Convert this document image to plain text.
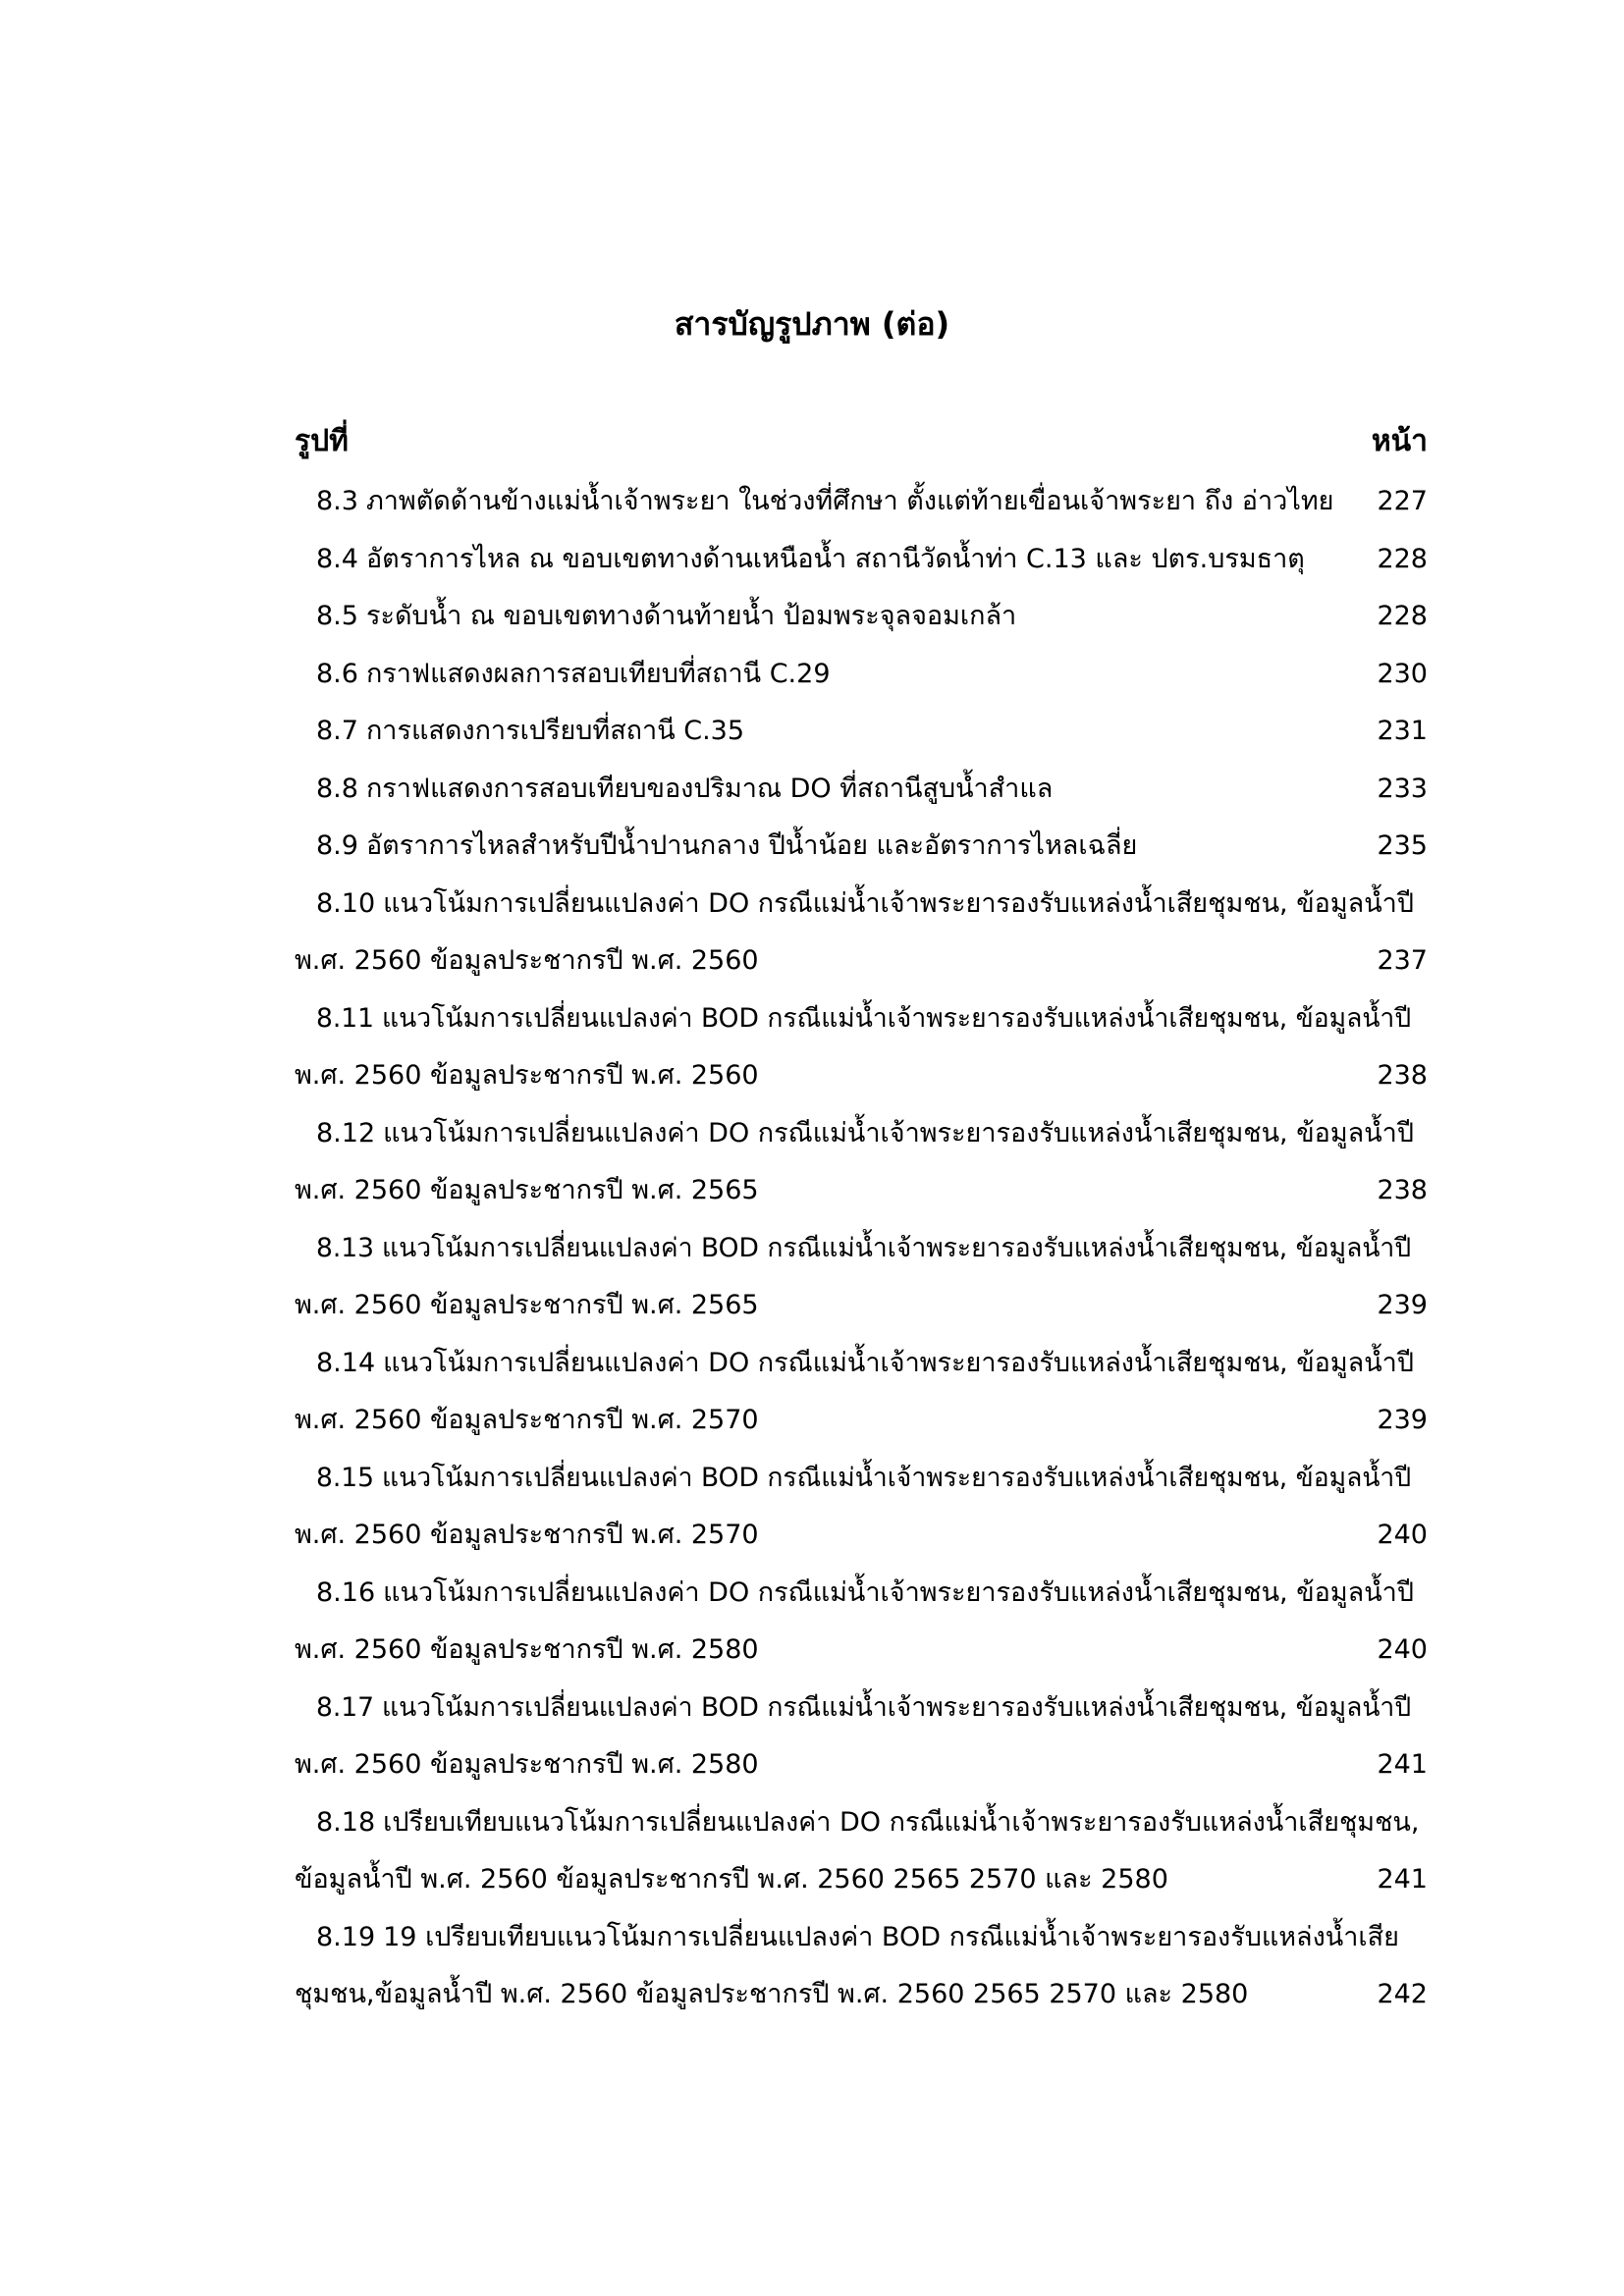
สารบัญรูปภาพ (ต่อ)
รูปที่	หน้า
8.3 ภาพตัดด้านข้างแม่น้ำเจ้าพระยา ในช่วงที่ศึกษา ตั้งแต่ท้ายเขื่อนเจ้าพระยา ถึง อ่าวไทย 227
8.4 อัตราการไหล ณ ขอบเขตทางด้านเหนือน้ำ สถานีวัดน้ำท่า C.13 และ ปตร.บรมธาตุ	228
8.5 ระดับน้ำ ณ ขอบเขตทางด้านท้ายน้ำ ป้อมพระจุลจอมเกล้า	228
8.6 กราฟแสดงผลการสอบเทียบที่สถานี C.29	230
8.7 การแสดงการเปรียบที่สถานี C.35	231
8.8 กราฟแสดงการสอบเทียบของปริมาณ DO ที่สถานีสูบน้ำสำแล	233
8.9 อัตราการไหลสำหรับปีน้ำปานกลาง ปีน้ำน้อย และอัตราการไหลเฉลี่ย	235
8.10 แนวโน้มการเปลี่ยนแปลงค่า DO กรณีแม่น้ำเจ้าพระยารองรับแหล่งน้ำเสียชุมชน, ข้อมูลน้ำปี
พ.ศ. 2560 ข้อมูลประชากรปี พ.ศ. 2560	237
8.11 แนวโน้มการเปลี่ยนแปลงค่า BOD กรณีแม่น้ำเจ้าพระยารองรับแหล่งน้ำเสียชุมชน, ข้อมูลน้ำปี
พ.ศ. 2560 ข้อมูลประชากรปี พ.ศ. 2560	238
8.12 แนวโน้มการเปลี่ยนแปลงค่า DO กรณีแม่น้ำเจ้าพระยารองรับแหล่งน้ำเสียชุมชน, ข้อมูลน้ำปี
พ.ศ. 2560 ข้อมูลประชากรปี พ.ศ. 2565	238
8.13 แนวโน้มการเปลี่ยนแปลงค่า BOD กรณีแม่น้ำเจ้าพระยารองรับแหล่งน้ำเสียชุมชน, ข้อมูลน้ำปี
พ.ศ. 2560 ข้อมูลประชากรปี พ.ศ. 2565	239
8.14 แนวโน้มการเปลี่ยนแปลงค่า DO กรณีแม่น้ำเจ้าพระยารองรับแหล่งน้ำเสียชุมชน, ข้อมูลน้ำปี
พ.ศ. 2560 ข้อมูลประชากรปี พ.ศ. 2570	239
8.15 แนวโน้มการเปลี่ยนแปลงค่า BOD กรณีแม่น้ำเจ้าพระยารองรับแหล่งน้ำเสียชุมชน, ข้อมูลน้ำปี
พ.ศ. 2560 ข้อมูลประชากรปี พ.ศ. 2570	240
8.16 แนวโน้มการเปลี่ยนแปลงค่า DO กรณีแม่น้ำเจ้าพระยารองรับแหล่งน้ำเสียชุมชน, ข้อมูลน้ำปี
พ.ศ. 2560 ข้อมูลประชากรปี พ.ศ. 2580	240
8.17 แนวโน้มการเปลี่ยนแปลงค่า BOD กรณีแม่น้ำเจ้าพระยารองรับแหล่งน้ำเสียชุมชน, ข้อมูลน้ำปี
พ.ศ. 2560 ข้อมูลประชากรปี พ.ศ. 2580	241
8.18 เปรียบเทียบแนวโน้มการเปลี่ยนแปลงค่า DO กรณีแม่น้ำเจ้าพระยารองรับแหล่งน้ำเสียชุมชน,
ข้อมูลน้ำปี พ.ศ. 2560 ข้อมูลประชากรปี พ.ศ. 2560 2565 2570 และ 2580	241
8.19 19 เปรียบเทียบแนวโน้มการเปลี่ยนแปลงค่า BOD กรณีแม่น้ำเจ้าพระยารองรับแหล่งน้ำเสีย
ชุมชน,ข้อมูลน้ำปี พ.ศ. 2560 ข้อมูลประชากรปี พ.ศ. 2560 2565 2570 และ 2580	242
